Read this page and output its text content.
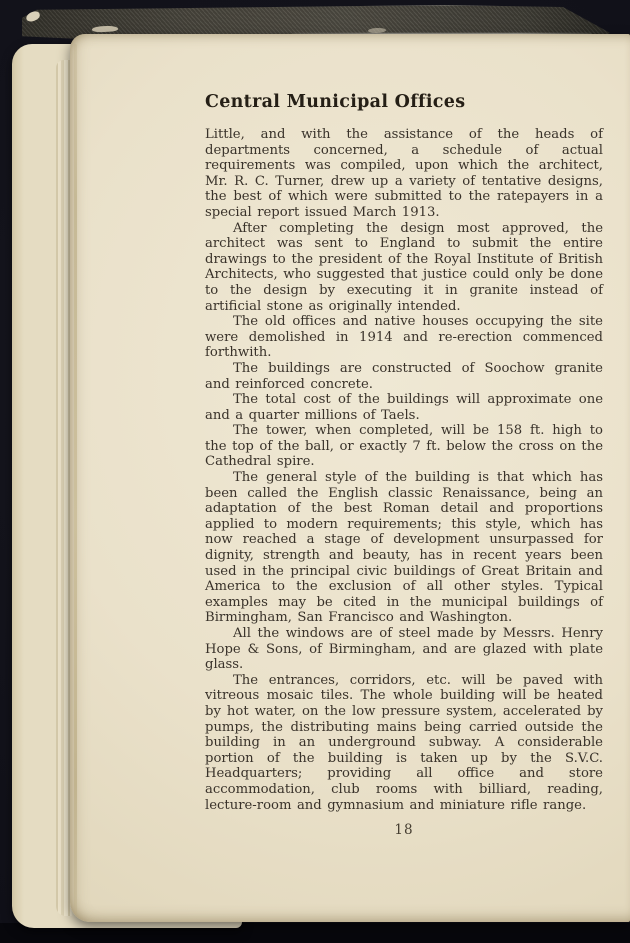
Central Municipal Offices

Little, and with the assistance of the heads of departments concerned, a schedule of actual requirements was compiled, upon which the architect, Mr. R. C. Turner, drew up a variety of tentative designs, the best of which were submitted to the ratepayers in a special report issued March 1913.

After completing the design most approved, the architect was sent to England to submit the entire drawings to the president of the Royal Institute of British Architects, who suggested that justice could only be done to the design by executing it in granite instead of artificial stone as originally intended.

The old offices and native houses occupying the site were demolished in 1914 and re-erection commenced forthwith.

The buildings are constructed of Soochow granite and reinforced concrete.

The total cost of the buildings will approximate one and a quarter millions of Taels.

The tower, when completed, will be 158 ft. high to the top of the ball, or exactly 7 ft. below the cross on the Cathedral spire.

The general style of the building is that which has been called the English classic Renaissance, being an adaptation of the best Roman detail and proportions applied to modern requirements; this style, which has now reached a stage of development unsurpassed for dignity, strength and beauty, has in recent years been used in the principal civic buildings of Great Britain and America to the exclusion of all other styles. Typical examples may be cited in the municipal buildings of Birmingham, San Francisco and Washington.

All the windows are of steel made by Messrs. Henry Hope & Sons, of Birmingham, and are glazed with plate glass.

The entrances, corridors, etc. will be paved with vitreous mosaic tiles. The whole building will be heated by hot water, on the low pressure system, accelerated by pumps, the distributing mains being carried outside the building in an underground subway. A considerable portion of the building is taken up by the S.V.C. Headquarters; providing all office and store accommodation, club rooms with billiard, reading, lecture-room and gymnasium and miniature rifle range.

18
